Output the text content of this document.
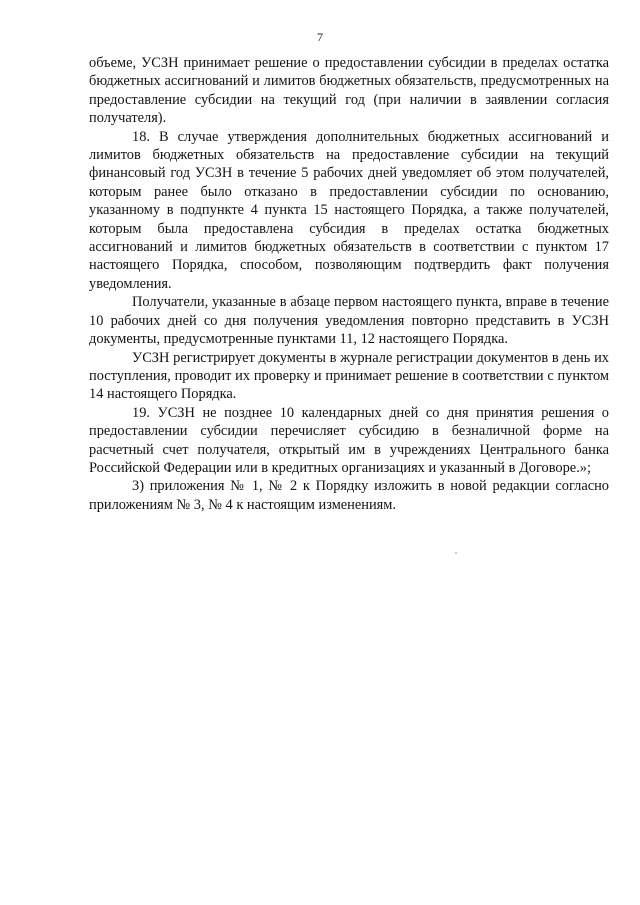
7

объеме, УСЗН принимает решение о предоставлении субсидии в пределах остатка бюджетных ассигнований и лимитов бюджетных обязательств, предусмотренных на предоставление субсидии на текущий год (при наличии в заявлении согласия получателя).

18. В случае утверждения дополнительных бюджетных ассигнований и лимитов бюджетных обязательств на предоставление субсидии на текущий финансовый год УСЗН в течение 5 рабочих дней уведомляет об этом получателей, которым ранее было отказано в предоставлении субсидии по основанию, указанному в подпункте 4 пункта 15 настоящего Порядка, а также получателей, которым была предоставлена субсидия в пределах остатка бюджетных ассигнований и лимитов бюджетных обязательств в соответствии с пунктом 17 настоящего Порядка, способом, позволяющим подтвердить факт получения уведомления.

Получатели, указанные в абзаце первом настоящего пункта, вправе в течение 10 рабочих дней со дня получения уведомления повторно представить в УСЗН документы, предусмотренные пунктами 11, 12 настоящего Порядка.

УСЗН регистрирует документы в журнале регистрации документов в день их поступления, проводит их проверку и принимает решение в соответствии с пунктом 14 настоящего Порядка.

19. УСЗН не позднее 10 календарных дней со дня принятия решения о предоставлении субсидии перечисляет субсидию в безналичной форме на расчетный счет получателя, открытый им в учреждениях Центрального банка Российской Федерации или в кредитных организациях и указанный в Договоре.»;

3) приложения № 1, № 2 к Порядку изложить в новой редакции согласно приложениям № 3, № 4 к настоящим изменениям.
